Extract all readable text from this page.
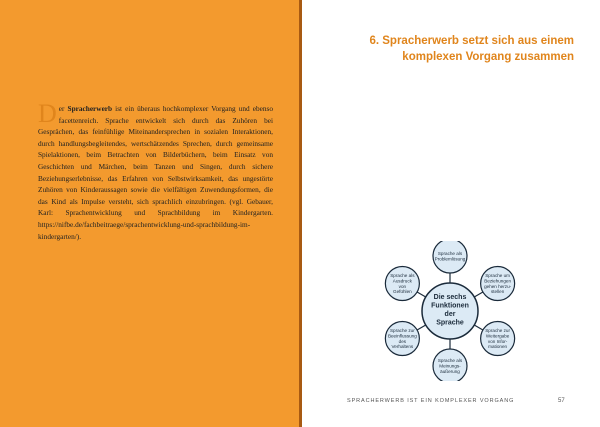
6. Spracherwerb setzt sich aus einem
komplexen Vorgang zusammen
Der Spracherwerb ist ein überaus hochkomplexer Vorgang und ebenso facettenreich. Sprache entwickelt sich durch das Zuhören bei Gesprächen, das feinfühlige Miteinandersprechen in sozialen Interaktionen, durch handlungsbegleitendes, wertschätzendes Sprechen, durch gemeinsame Spielaktionen, beim Betrachten von Bilderbüchern, beim Einsatz von Geschichten und Märchen, beim Tanzen und Singen, durch sichere Beziehungserlebnisse, das Erfahren von Selbstwirksamkeit, das ungestörte Zuhören von Kinderaussagen sowie die vielfältigen Zuwendungsformen, die das Kind als Impulse versteht, sich sprachlich einzubringen. (vgl. Gebauer, Karl: Sprachentwicklung und Sprachbildung im Kindergarten. https://nifbe.de/fachbeitraege/sprachentwicklung-und-sprachbildung-im-kindergarten/).
Die sechs Funktionen der Sprache
Sprache als Problemlösung
Sprache um Beziehungen gehen herzu-stellen
Sprache zur Weitergabe von Infor-mationen
Sprache als Meinungs-äußerung
Sprache zur Beeinflussung des Verhaltens
Sprache als Ausdruck von Gefühlen
SPRACHERWERB IST EIN KOMPLEXER VORGANG	57
